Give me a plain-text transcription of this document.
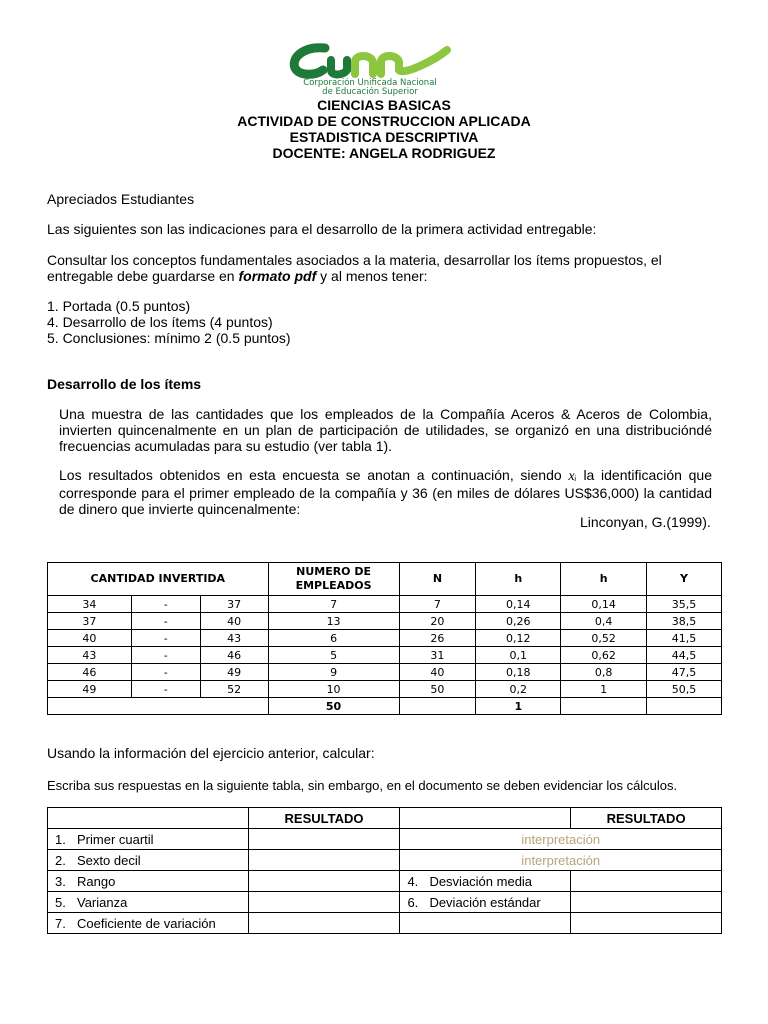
Corporación Unificada Nacional
de Educación Superior
CIENCIAS BASICAS
ACTIVIDAD DE CONSTRUCCION APLICADA
ESTADISTICA DESCRIPTIVA
DOCENTE: ANGELA RODRIGUEZ
Apreciados Estudiantes
Las siguientes son las indicaciones para el desarrollo de la primera actividad entregable:
Consultar los conceptos fundamentales asociados a la materia, desarrollar los ítems propuestos, el
entregable debe guardarse en formato pdf y al menos tener:
1. Portada (0.5 puntos)
4. Desarrollo de los ítems (4 puntos)
5. Conclusiones: mínimo 2 (0.5 puntos)
Desarrollo de los ítems
Una muestra de las cantidades que los empleados de la Compañía Aceros & Aceros de Colombia, invierten quincenalmente en un plan de participación de utilidades, se organizó en una distribucióndé frecuencias acumuladas para su estudio (ver tabla 1).
Los resultados obtenidos en esta encuesta se anotan a continuación, siendo xᵢ la identificación que corresponde para el primer empleado de la compañía y 36 (en miles de dólares US$36,000) la cantidad de dinero que invierte quincenalmente:
Linconyan, G.(1999).
CANTIDAD INVERTIDA			NUMERO DE EMPLEADOS	N	h	h	Y
34	-	37	7	7	0,14	0,14	35,5
37	-	40	13	20	0,26	0,4	38,5
40	-	43	6	26	0,12	0,52	41,5
43	-	46	5	31	0,1	0,62	44,5
46	-	49	9	40	0,18	0,8	47,5
49	-	52	10	50	0,2	1	50,5
			50		1		
Usando la información del ejercicio anterior, calcular:
Escriba sus respuestas en la siguiente tabla, sin embargo, en el documento se deben evidenciar los cálculos.
	RESULTADO		RESULTADO
1. Primer cuartil		interpretación	
2. Sexto decil		interpretación	
3. Rango		4. Desviación media	
5. Varianza		6. Deviación estándar	
7. Coeficiente de variación			
